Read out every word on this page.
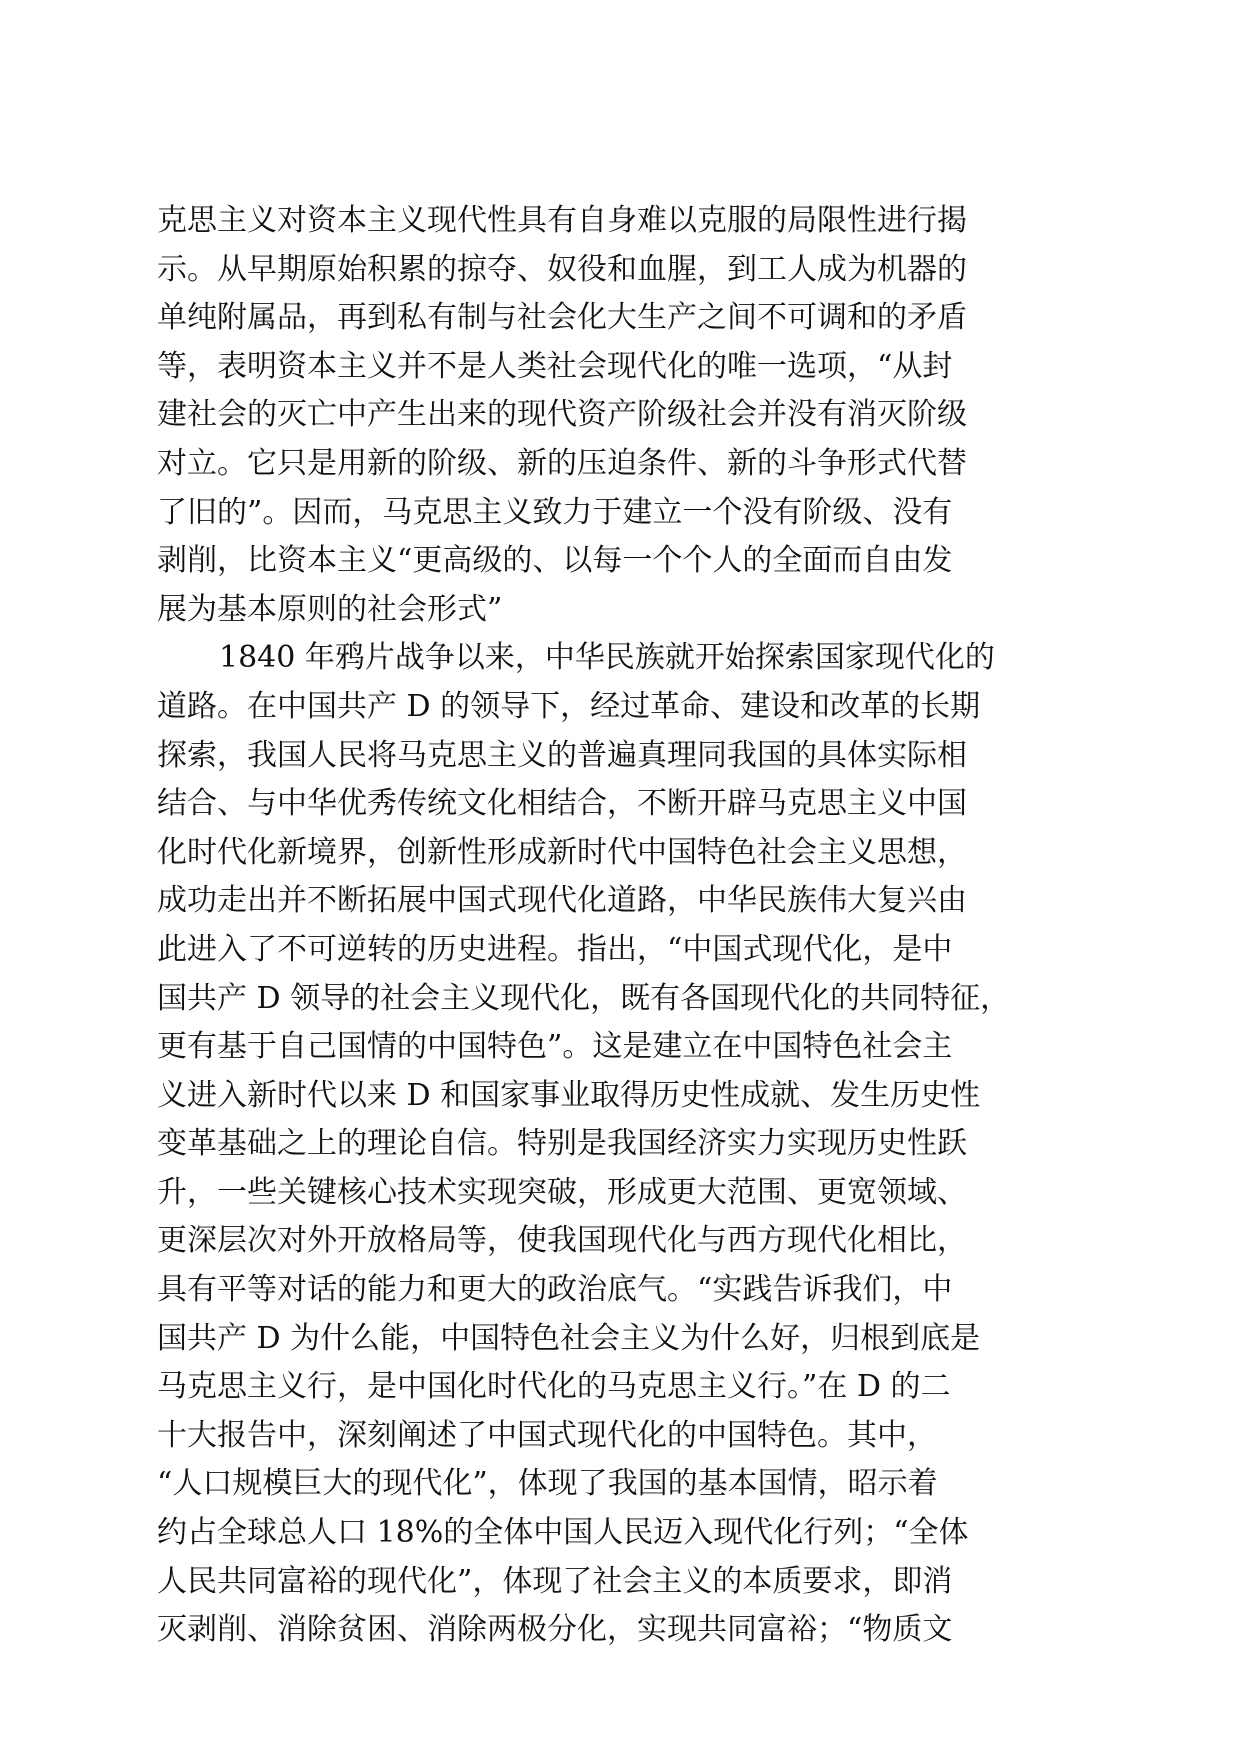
克思主义对资本主义现代性具有自身难以克服的局限性进行揭
示。从早期原始积累的掠夺、奴役和血腥，到工人成为机器的
单纯附属品，再到私有制与社会化大生产之间不可调和的矛盾
等，表明资本主义并不是人类社会现代化的唯一选项，“从封
建社会的灭亡中产生出来的现代资产阶级社会并没有消灭阶级
对立。它只是用新的阶级、新的压迫条件、新的斗争形式代替
了旧的”。因而，马克思主义致力于建立一个没有阶级、没有
剥削，比资本主义“更高级的、以每一个个人的全面而自由发
展为基本原则的社会形式”
1840 年鸦片战争以来，中华民族就开始探索国家现代化的
道路。在中国共产 D 的领导下，经过革命、建设和改革的长期
探索，我国人民将马克思主义的普遍真理同我国的具体实际相
结合、与中华优秀传统文化相结合，不断开辟马克思主义中国
化时代化新境界，创新性形成新时代中国特色社会主义思想，
成功走出并不断拓展中国式现代化道路，中华民族伟大复兴由
此进入了不可逆转的历史进程。指出，“中国式现代化，是中
国共产 D 领导的社会主义现代化，既有各国现代化的共同特征，
更有基于自己国情的中国特色”。这是建立在中国特色社会主
义进入新时代以来 D 和国家事业取得历史性成就、发生历史性
变革基础之上的理论自信。特别是我国经济实力实现历史性跃
升，一些关键核心技术实现突破，形成更大范围、更宽领域、
更深层次对外开放格局等，使我国现代化与西方现代化相比，
具有平等对话的能力和更大的政治底气。“实践告诉我们，中
国共产 D 为什么能，中国特色社会主义为什么好，归根到底是
马克思主义行，是中国化时代化的马克思主义行。”在 D 的二
十大报告中，深刻阐述了中国式现代化的中国特色。其中，
“人口规模巨大的现代化”，体现了我国的基本国情，昭示着
约占全球总人口 18%的全体中国人民迈入现代化行列；“全体
人民共同富裕的现代化”，体现了社会主义的本质要求，即消
灭剥削、消除贫困、消除两极分化，实现共同富裕；“物质文
